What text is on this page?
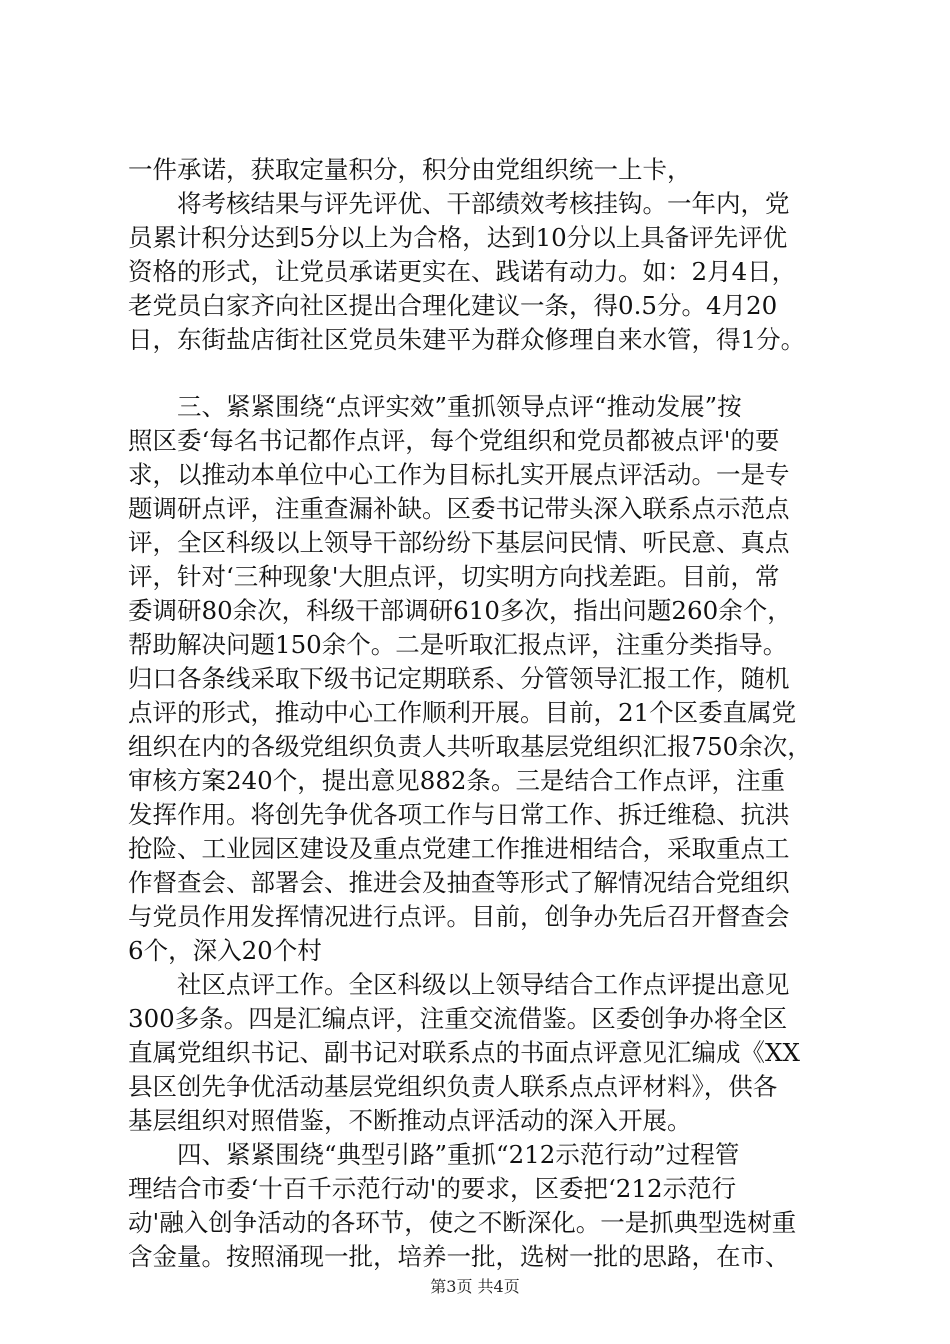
一件承诺，获取定量积分，积分由党组织统一上卡，
将考核结果与评先评优、干部绩效考核挂钩。一年内，党
员累计积分达到5分以上为合格，达到10分以上具备评先评优
资格的形式，让党员承诺更实在、践诺有动力。如：2月4日，
老党员白家齐向社区提出合理化建议一条，得0.5分。4月20
日，东街盐店街社区党员朱建平为群众修理自来水管，得1分。
三、紧紧围绕“点评实效”重抓领导点评“推动发展”按
照区委‘每名书记都作点评，每个党组织和党员都被点评'的要
求，以推动本单位中心工作为目标扎实开展点评活动。一是专
题调研点评，注重查漏补缺。区委书记带头深入联系点示范点
评，全区科级以上领导干部纷纷下基层问民情、听民意、真点
评，针对‘三种现象'大胆点评，切实明方向找差距。目前，常
委调研80余次，科级干部调研610多次，指出问题260余个，
帮助解决问题150余个。二是听取汇报点评，注重分类指导。
归口各条线采取下级书记定期联系、分管领导汇报工作，随机
点评的形式，推动中心工作顺利开展。目前，21个区委直属党
组织在内的各级党组织负责人共听取基层党组织汇报750余次，
审核方案240个，提出意见882条。三是结合工作点评，注重
发挥作用。将创先争优各项工作与日常工作、拆迁维稳、抗洪
抢险、工业园区建设及重点党建工作推进相结合，采取重点工
作督查会、部署会、推进会及抽查等形式了解情况结合党组织
与党员作用发挥情况进行点评。目前，创争办先后召开督查会
6个，深入20个村
社区点评工作。全区科级以上领导结合工作点评提出意见
300多条。四是汇编点评，注重交流借鉴。区委创争办将全区
直属党组织书记、副书记对联系点的书面点评意见汇编成《XX
县区创先争优活动基层党组织负责人联系点点评材料》，供各
基层组织对照借鉴，不断推动点评活动的深入开展。
四、紧紧围绕“典型引路”重抓“212示范行动”过程管
理结合市委‘十百千示范行动'的要求，区委把‘212示范行
动'融入创争活动的各环节，使之不断深化。一是抓典型选树重
含金量。按照涌现一批，培养一批，选树一批的思路，在市、
第3页 共4页
